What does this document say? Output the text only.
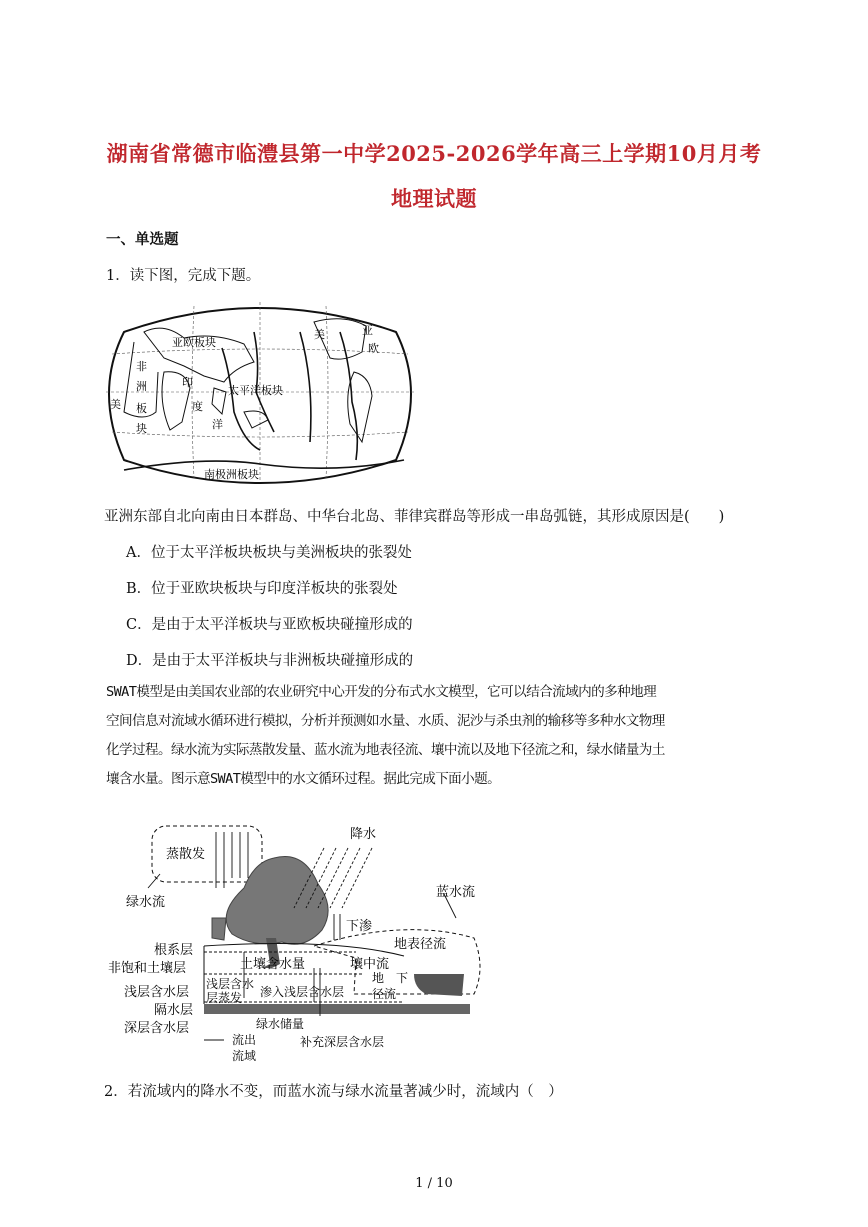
湖南省常德市临澧县第一中学2025-2026学年高三上学期10月月考
地理试题
一、单选题
1．读下图，完成下题。
亚欧板块
太平洋板块
南极洲板块
非
洲
板
块
印
度
洋
美
亚
欧
美
亚洲东部自北向南由日本群岛、中华台北岛、菲律宾群岛等形成一串岛弧链，其形成原因是(　　)
A．位于太平洋板块板块与美洲板块的张裂处
B．位于亚欧块板块与印度洋板块的张裂处
C．是由于太平洋板块与亚欧板块碰撞形成的
D．是由于太平洋板块与非洲板块碰撞形成的
SWAT模型是由美国农业部的农业研究中心开发的分布式水文模型，它可以结合流域内的多种地理
空间信息对流域水循环进行模拟，分析并预测如水量、水质、泥沙与杀虫剂的输移等多种水文物理
化学过程。绿水流为实际蒸散发量、蓝水流为地表径流、壤中流以及地下径流之和，绿水储量为土
壤含水量。图示意SWAT模型中的水文循环过程。据此完成下面小题。
蒸散发
降水
绿水流
蓝水流
下渗
地表径流
根系层
非饱和土壤层	土壤含水量	壤中流
地　下
径流
浅层含水层
隔水层
深层含水层
浅层含水
层蒸发 渗入浅层含水层
绿水储量
流出
流域
补充深层含水层
2．若流域内的降水不变，而蓝水流与绿水流量著减少时，流域内（　）
1 / 10
